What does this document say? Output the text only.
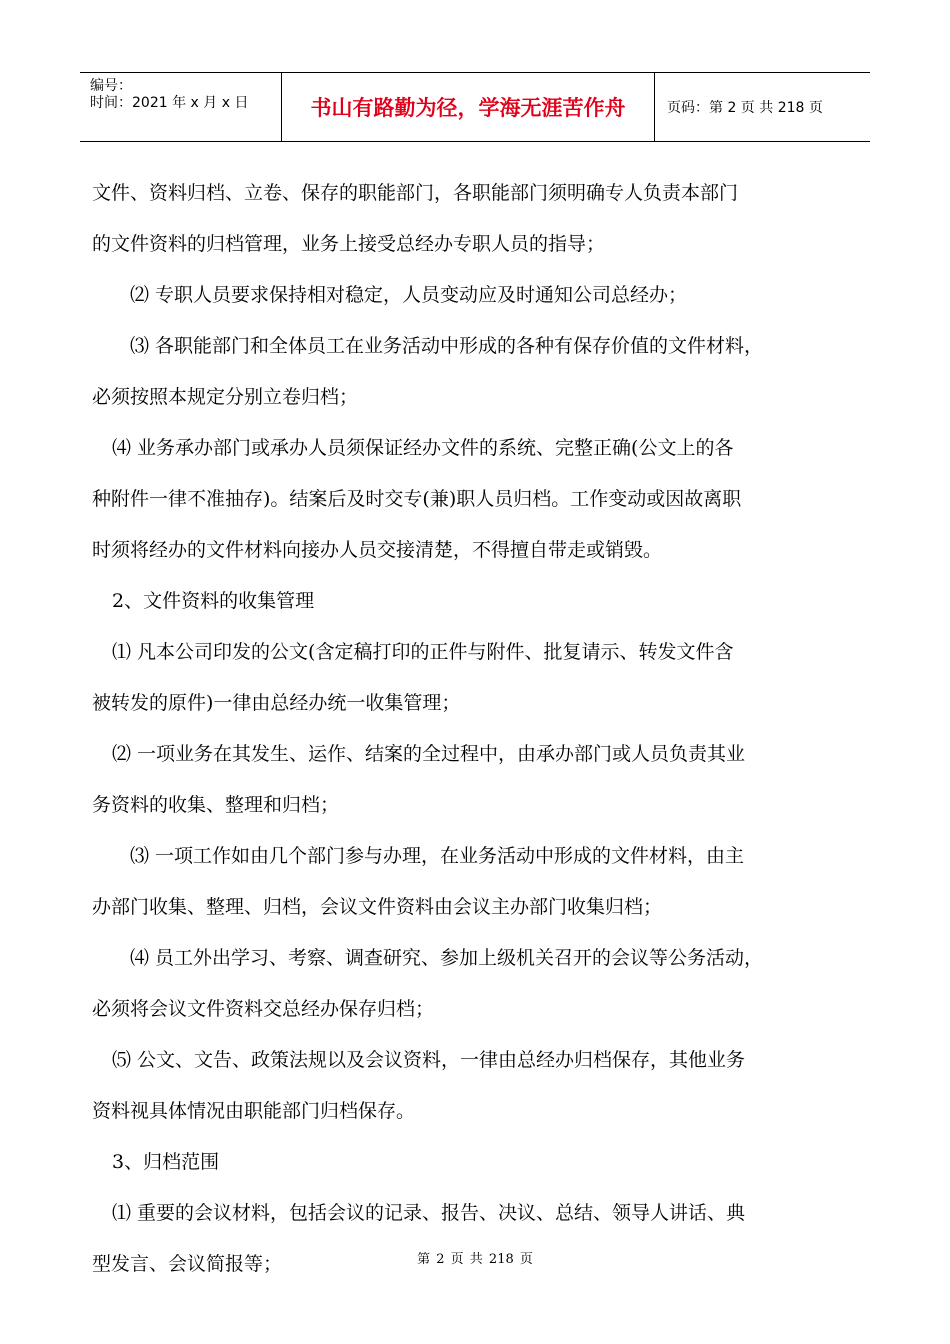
编号：
时间：2021 年 x 月 x 日	书山有路勤为径，学海无涯苦作舟	页码：第 2 页 共 218 页
文件、资料归档、立卷、保存的职能部门，各职能部门须明确专人负责本部门
的文件资料的归档管理，业务上接受总经办专职人员的指导；
⑵ 专职人员要求保持相对稳定，人员变动应及时通知公司总经办；
⑶ 各职能部门和全体员工在业务活动中形成的各种有保存价值的文件材料，
必须按照本规定分别立卷归档；
⑷ 业务承办部门或承办人员须保证经办文件的系统、完整正确(公文上的各
种附件一律不准抽存)。结案后及时交专(兼)职人员归档。工作变动或因故离职
时须将经办的文件材料向接办人员交接清楚，不得擅自带走或销毁。
2、文件资料的收集管理
⑴ 凡本公司印发的公文(含定稿打印的正件与附件、批复请示、转发文件含
被转发的原件)一律由总经办统一收集管理；
⑵ 一项业务在其发生、运作、结案的全过程中，由承办部门或人员负责其业
务资料的收集、整理和归档；
⑶ 一项工作如由几个部门参与办理，在业务活动中形成的文件材料，由主
办部门收集、整理、归档，会议文件资料由会议主办部门收集归档；
⑷ 员工外出学习、考察、调查研究、参加上级机关召开的会议等公务活动，
必须将会议文件资料交总经办保存归档；
⑸ 公文、文告、政策法规以及会议资料，一律由总经办归档保存，其他业务
资料视具体情况由职能部门归档保存。
3、归档范围
⑴ 重要的会议材料，包括会议的记录、报告、决议、总结、领导人讲话、典
型发言、会议简报等；	第 2 页 共 218 页
